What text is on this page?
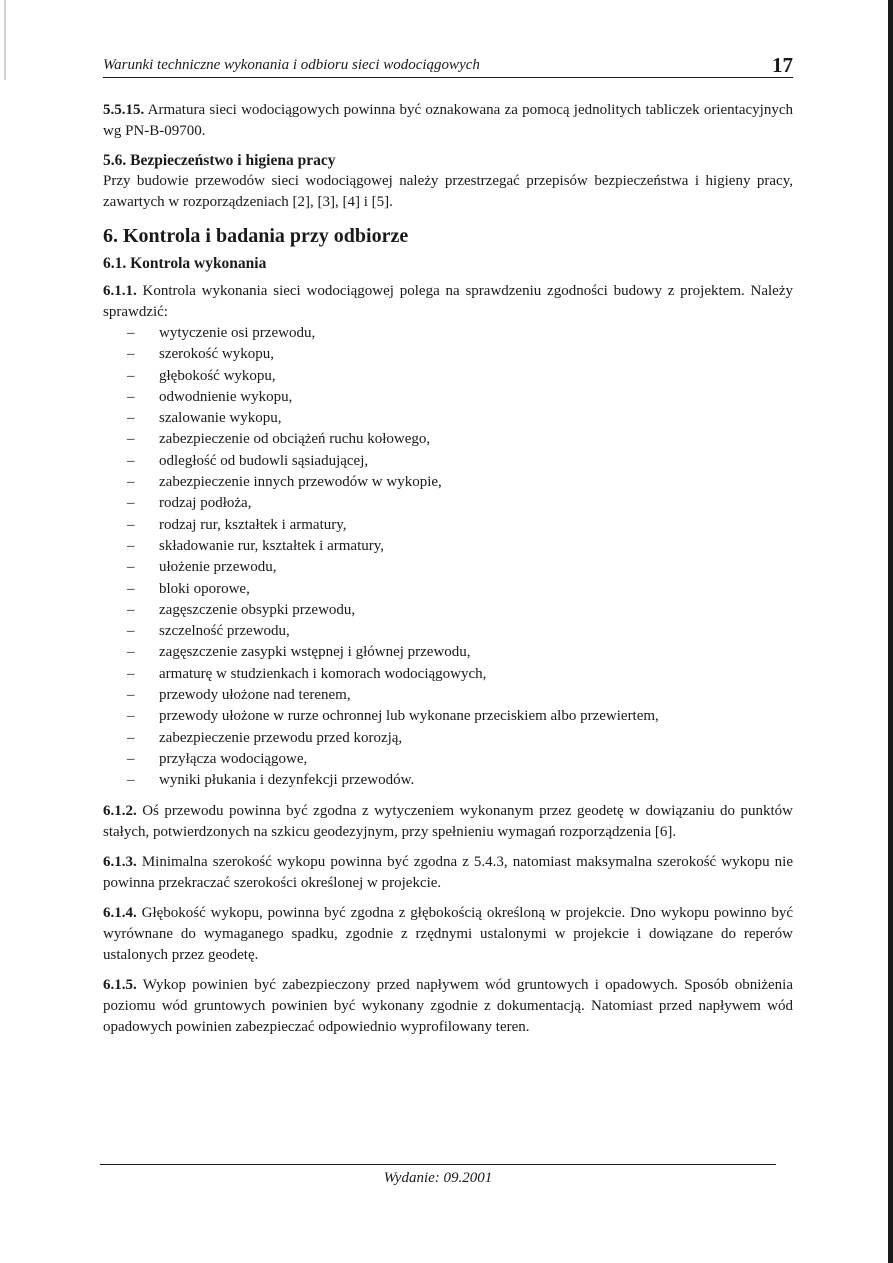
Warunki techniczne wykonania i odbioru sieci wodociągowych	17

5.5.15. Armatura sieci wodociągowych powinna być oznakowana za pomocą jednolitych tabliczek orientacyjnych wg PN-B-09700.

5.6. Bezpieczeństwo i higiena pracy

Przy budowie przewodów sieci wodociągowej należy przestrzegać przepisów bezpieczeństwa i higieny pracy, zawartych w rozporządzeniach [2], [3], [4] i [5].

6. Kontrola i badania przy odbiorze
6.1. Kontrola wykonania

6.1.1. Kontrola wykonania sieci wodociągowej polega na sprawdzeniu zgodności budowy z projektem. Należy sprawdzić:

– wytyczenie osi przewodu,
– szerokość wykopu,
– głębokość wykopu,
– odwodnienie wykopu,
– szalowanie wykopu,
– zabezpieczenie od obciążeń ruchu kołowego,
– odległość od budowli sąsiadującej,
– zabezpieczenie innych przewodów w wykopie,
– rodzaj podłoża,
– rodzaj rur, kształtek i armatury,
– składowanie rur, kształtek i armatury,
– ułożenie przewodu,
– bloki oporowe,
– zagęszczenie obsypki przewodu,
– szczelność przewodu,
– zagęszczenie zasypki wstępnej i głównej przewodu,
– armaturę w studzienkach i komorach wodociągowych,
– przewody ułożone nad terenem,
– przewody ułożone w rurze ochronnej lub wykonane przeciskiem albo przewiertem,
– zabezpieczenie przewodu przed korozją,
– przyłącza wodociągowe,
– wyniki płukania i dezynfekcji przewodów.

6.1.2. Oś przewodu powinna być zgodna z wytyczeniem wykonanym przez geodetę w dowiązaniu do punktów stałych, potwierdzonych na szkicu geodezyjnym, przy spełnieniu wymagań rozporządzenia [6].

6.1.3. Minimalna szerokość wykopu powinna być zgodna z 5.4.3, natomiast maksymalna szerokość wykopu nie powinna przekraczać szerokości określonej w projekcie.

6.1.4. Głębokość wykopu, powinna być zgodna z głębokością określoną w projekcie. Dno wykopu powinno być wyrównane do wymaganego spadku, zgodnie z rzędnymi ustalonymi w projekcie i dowiązane do reperów ustalonych przez geodetę.

6.1.5. Wykop powinien być zabezpieczony przed napływem wód gruntowych i opadowych. Sposób obniżenia poziomu wód gruntowych powinien być wykonany zgodnie z dokumentacją. Natomiast przed napływem wód opadowych powinien zabezpieczać odpowiednio wyprofilowany teren.

Wydanie: 09.2001
